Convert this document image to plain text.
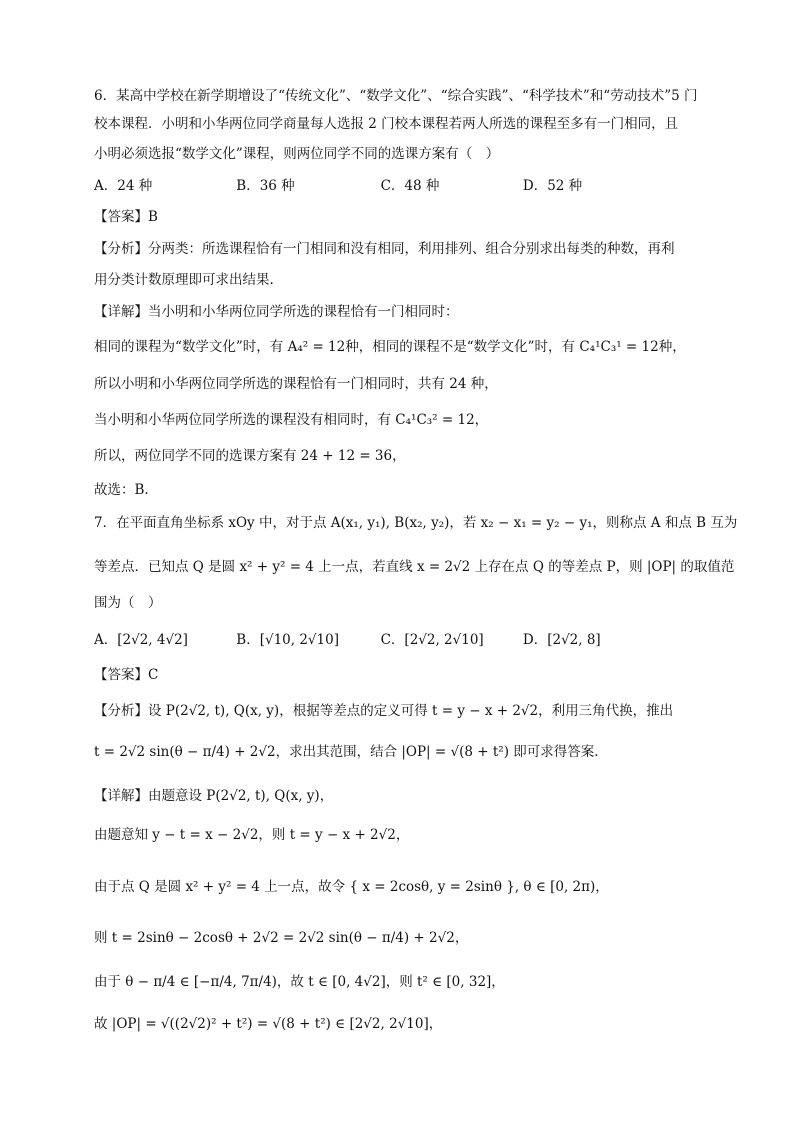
6．某高中学校在新学期增设了“传统文化”、“数学文化”、“综合实践”、“科学技术”和“劳动技术”5 门
校本课程．小明和小华两位同学商量每人选报 2 门校本课程若两人所选的课程至多有一门相同，且
小明必须选报“数学文化”课程，则两位同学不同的选课方案有（　）
A．24 种	B．36 种	C．48 种	D．52 种
【答案】B
【分析】分两类：所选课程恰有一门相同和没有相同，利用排列、组合分别求出每类的种数，再利
用分类计数原理即可求出结果.
【详解】当小明和小华两位同学所选的课程恰有一门相同时：
相同的课程为“数学文化”时，有 A₄² = 12种，相同的课程不是“数学文化”时，有 C₄¹C₃¹ = 12种，
所以小明和小华两位同学所选的课程恰有一门相同时，共有 24 种，
当小明和小华两位同学所选的课程没有相同时，有 C₄¹C₃² = 12，
所以，两位同学不同的选课方案有 24 + 12 = 36，
故选：B.
7．在平面直角坐标系 xOy 中，对于点 A(x₁, y₁), B(x₂, y₂)，若 x₂ − x₁ = y₂ − y₁，则称点 A 和点 B 互为
等差点．已知点 Q 是圆 x² + y² = 4 上一点，若直线 x = 2√2 上存在点 Q 的等差点 P，则 |OP| 的取值范
围为（　）
A．[2√2, 4√2]	B．[√10, 2√10]	C．[2√2, 2√10]	D．[2√2, 8]
【答案】C
【分析】设 P(2√2, t), Q(x, y)，根据等差点的定义可得 t = y − x + 2√2，利用三角代换，推出
t = 2√2 sin(θ − π/4) + 2√2，求出其范围，结合 |OP| = √(8 + t²) 即可求得答案.
【详解】由题意设 P(2√2, t), Q(x, y)，
由题意知 y − t = x − 2√2，则 t = y − x + 2√2，
由于点 Q 是圆 x² + y² = 4 上一点，故令 { x = 2cosθ, y = 2sinθ }, θ ∈ [0, 2π)，
则 t = 2sinθ − 2cosθ + 2√2 = 2√2 sin(θ − π/4) + 2√2，
由于 θ − π/4 ∈ [−π/4, 7π/4)，故 t ∈ [0, 4√2]，则 t² ∈ [0, 32]，
故 |OP| = √((2√2)² + t²) = √(8 + t²) ∈ [2√2, 2√10]，
